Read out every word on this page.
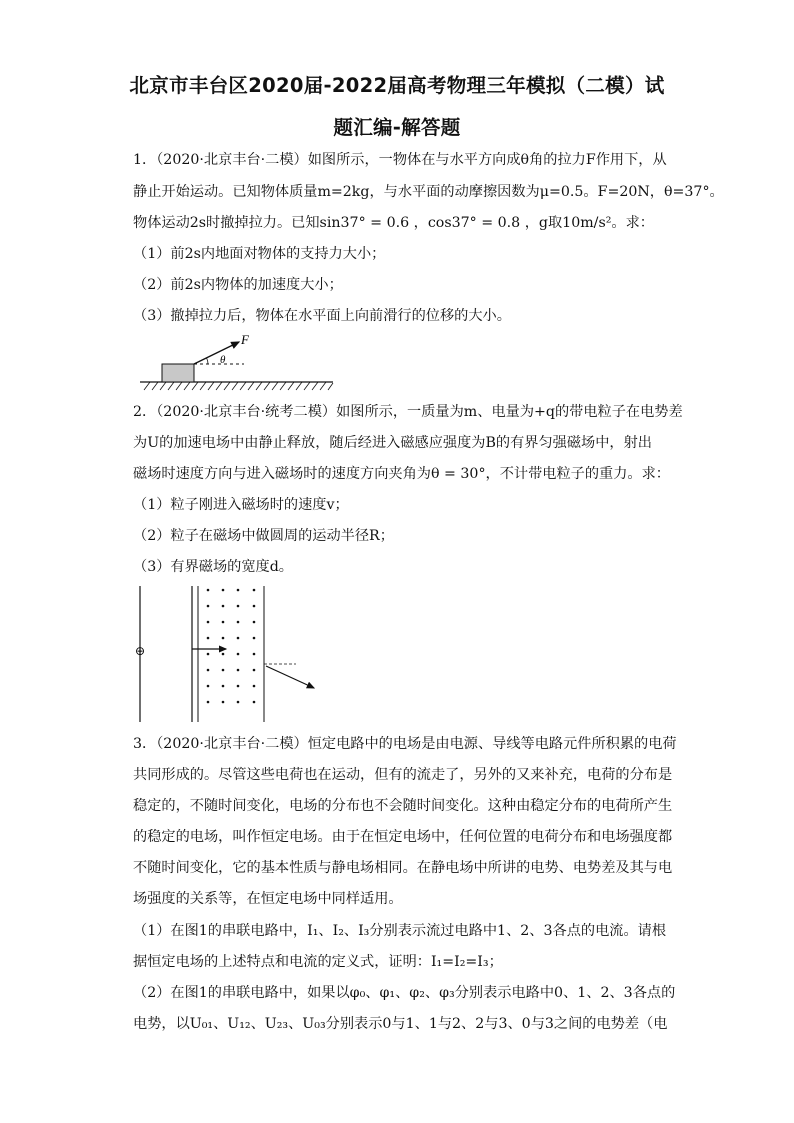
北京市丰台区2020届-2022届高考物理三年模拟（二模）试
题汇编-解答题
1．（2020·北京丰台·二模）如图所示，一物体在与水平方向成θ角的拉力F作用下，从
静止开始运动。已知物体质量m=2kg，与水平面的动摩擦因数为μ=0.5。F=20N，θ=37°。
物体运动2s时撤掉拉力。已知sin37° = 0.6 ，cos37° = 0.8 ，g取10m/s²。求：
（1）前2s内地面对物体的支持力大小；
（2）前2s内物体的加速度大小；
（3）撤掉拉力后，物体在水平面上向前滑行的位移的大小。
F
θ
2．（2020·北京丰台·统考二模）如图所示，一质量为m、电量为+q的带电粒子在电势差
为U的加速电场中由静止释放，随后经进入磁感应强度为B的有界匀强磁场中，射出
磁场时速度方向与进入磁场时的速度方向夹角为θ = 30°，不计带电粒子的重力。求：
（1）粒子刚进入磁场时的速度v；
（2）粒子在磁场中做圆周的运动半径R；
（3）有界磁场的宽度d。
⊕
3．（2020·北京丰台·二模）恒定电路中的电场是由电源、导线等电路元件所积累的电荷
共同形成的。尽管这些电荷也在运动，但有的流走了，另外的又来补充，电荷的分布是
稳定的，不随时间变化，电场的分布也不会随时间变化。这种由稳定分布的电荷所产生
的稳定的电场，叫作恒定电场。由于在恒定电场中，任何位置的电荷分布和电场强度都
不随时间变化，它的基本性质与静电场相同。在静电场中所讲的电势、电势差及其与电
场强度的关系等，在恒定电场中同样适用。
（1）在图1的串联电路中，I₁、I₂、I₃分别表示流过电路中1、2、3各点的电流。请根
据恒定电场的上述特点和电流的定义式，证明：I₁=I₂=I₃；
（2）在图1的串联电路中，如果以φ₀、φ₁、φ₂、φ₃分别表示电路中0、1、2、3各点的
电势，以U₀₁、U₁₂、U₂₃、U₀₃分别表示0与1、1与2、2与3、0与3之间的电势差（电
